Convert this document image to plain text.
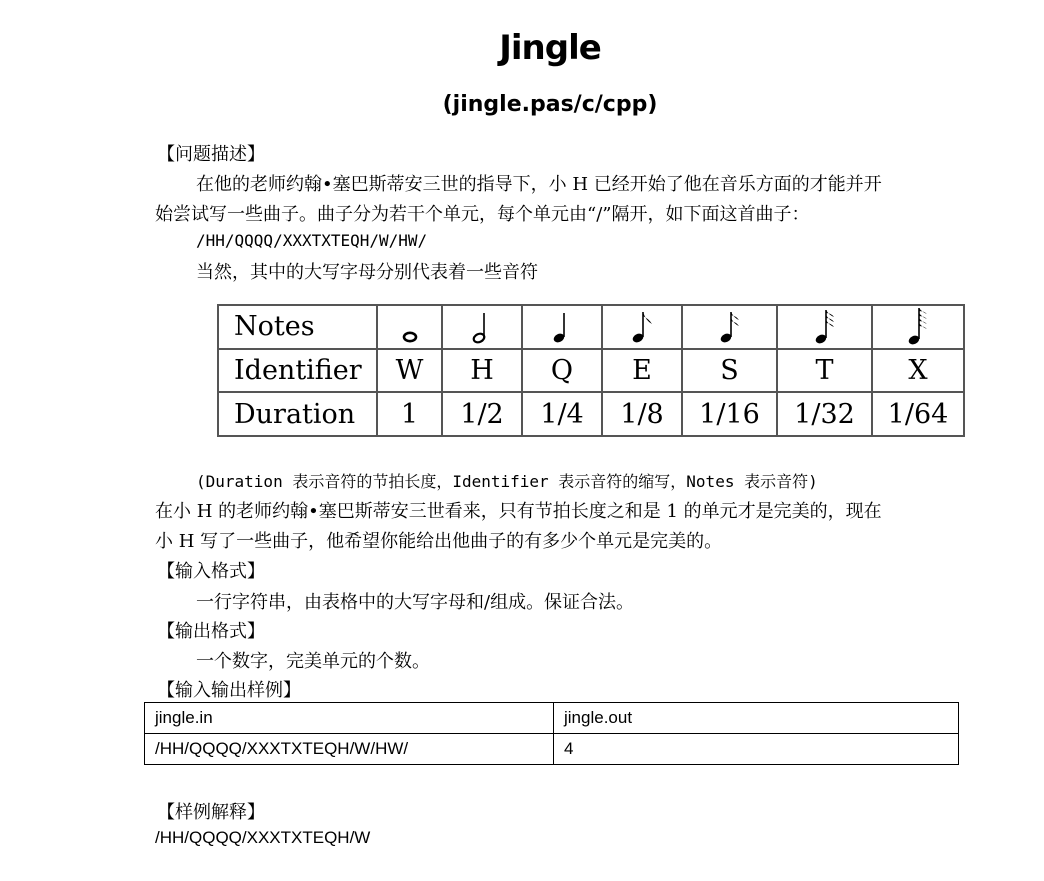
Jingle
(jingle.pas/c/cpp)
【问题描述】
在他的老师约翰•塞巴斯蒂安三世的指导下，小 H 已经开始了他在音乐方面的才能并开
始尝试写一些曲子。曲子分为若干个单元，每个单元由“/”隔开，如下面这首曲子：
/HH/QQQQ/XXXTXTEQH/W/HW/
当然，其中的大写字母分别代表着一些音符
Notes	

Identifier	W	H	Q	E	S	T	X
Duration	1	1/2	1/4	1/8	1/16	1/32	1/64
(Duration 表示音符的节拍长度，Identifier 表示音符的缩写，Notes 表示音符)
在小 H 的老师约翰•塞巴斯蒂安三世看来，只有节拍长度之和是 1 的单元才是完美的，现在
小 H 写了一些曲子，他希望你能给出他曲子的有多少个单元是完美的。
【输入格式】
一行字符串，由表格中的大写字母和/组成。保证合法。
【输出格式】
一个数字，完美单元的个数。
【输入输出样例】
jingle.in	jingle.out
/HH/QQQQ/XXXTXTEQH/W/HW/	4
【样例解释】
/HH/QQQQ/XXXTXTEQH/W
